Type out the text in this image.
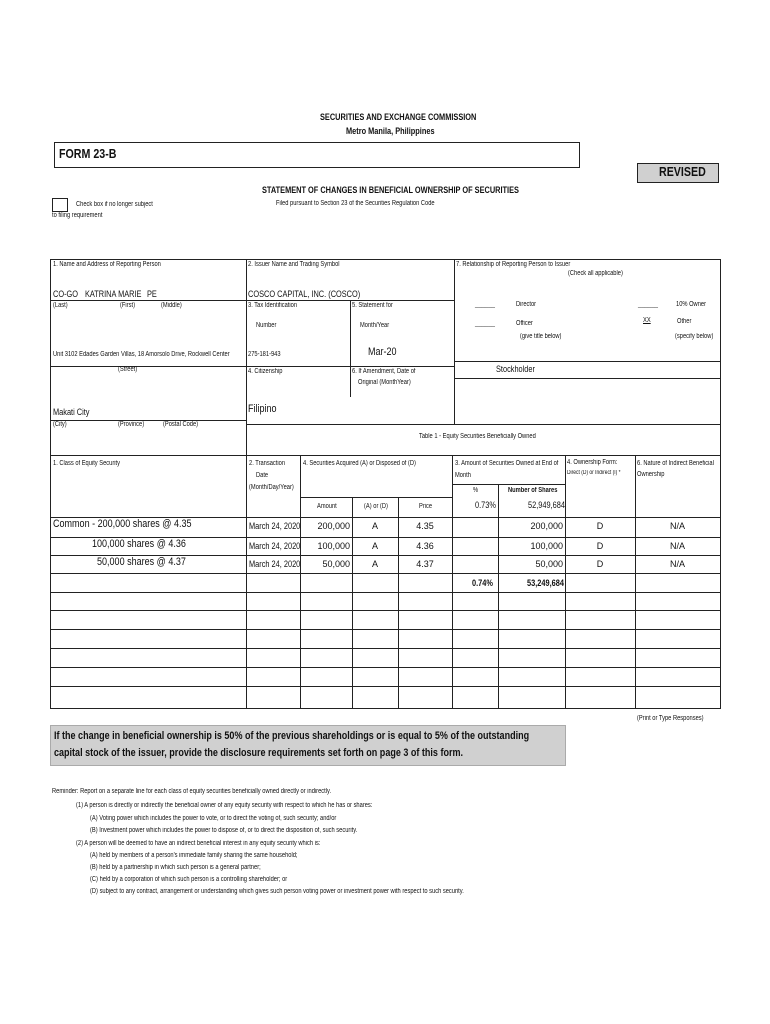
SECURITIES AND EXCHANGE COMMISSION
Metro Manila, Philippines
FORM 23-B
REVISED
STATEMENT OF CHANGES IN BENEFICIAL OWNERSHIP OF SECURITIES
Filed pursuant to Section 23 of the Securities Regulation Code
Check box if no longer subject
to filing requirement
1. Name and Address of Reporting Person
CO-GO KATRINA MARIE PE
(Last)	(First)	(Middle)
Unit 3102 Edades Garden Villas, 18 Amorsolo Drive, Rockwell Center
(Street)
Makati City
(City)	(Province)	(Postal Code)
2. Issuer Name and Trading Symbol
COSCO CAPITAL, INC. (COSCO)
3. Tax Identification
Number
275-181-943
4. Citizenship
Filipino
5. Statement for
Month/Year
Mar-20
6. If Amendment, Date of
Original (MonthYear)
7. Relationship of Reporting Person to Issuer
(Check all applicable)
______	Director	______	10% Owner
______	Officer	XX	Other
(give title below)	(specify below)
Stockholder
Table 1 - Equity Securities Beneficially Owned
1. Class of Equity Security	2. Transaction
Date
(Month/Day/Year)
4. Securities Acquired (A) or Disposed of (D)	3. Amount of Securities Owned at End of
Month
4. Ownership Form:
Direct (D) or Indirect (I) *
6. Nature of Indirect Beneficial
Ownership
Amount	(A) or (D)	Price
%	Number of Shares
0.73%	52,949,684
Common - 200,000 shares @ 4.35	March 24, 2020	200,000	A	4.35	200,000	D	N/A
100,000 shares @ 4.36	March 24, 2020	100,000	A	4.36	100,000	D	N/A
50,000 shares @ 4.37	March 24, 2020	50,000	A	4.37	50,000	D	N/A
0.74%	53,249,684
(Print or Type Responses)
If the change in beneficial ownership is 50% of the previous shareholdings or is equal to 5% of the outstanding
capital stock of the issuer, provide the disclosure requirements set forth on page 3 of this form.
Reminder: Report on a separate line for each class of equity securities beneficially owned directly or indirectly.
(1) A person is directly or indirectly the beneficial owner of any equity security with respect to which he has or shares:
(A) Voting power which includes the power to vote, or to direct the voting of, such security; and/or
(B) Investment power which includes the power to dispose of, or to direct the disposition of, such security.
(2) A person will be deemed to have an indirect beneficial interest in any equity security which is:
(A) held by members of a person's immediate family sharing the same household;
(B) held by a partnership in which such person is a general partner;
(C) held by a corporation of which such person is a controlling shareholder; or
(D) subject to any contract, arrangement or understanding which gives such person voting power or investment power with respect to such security.
